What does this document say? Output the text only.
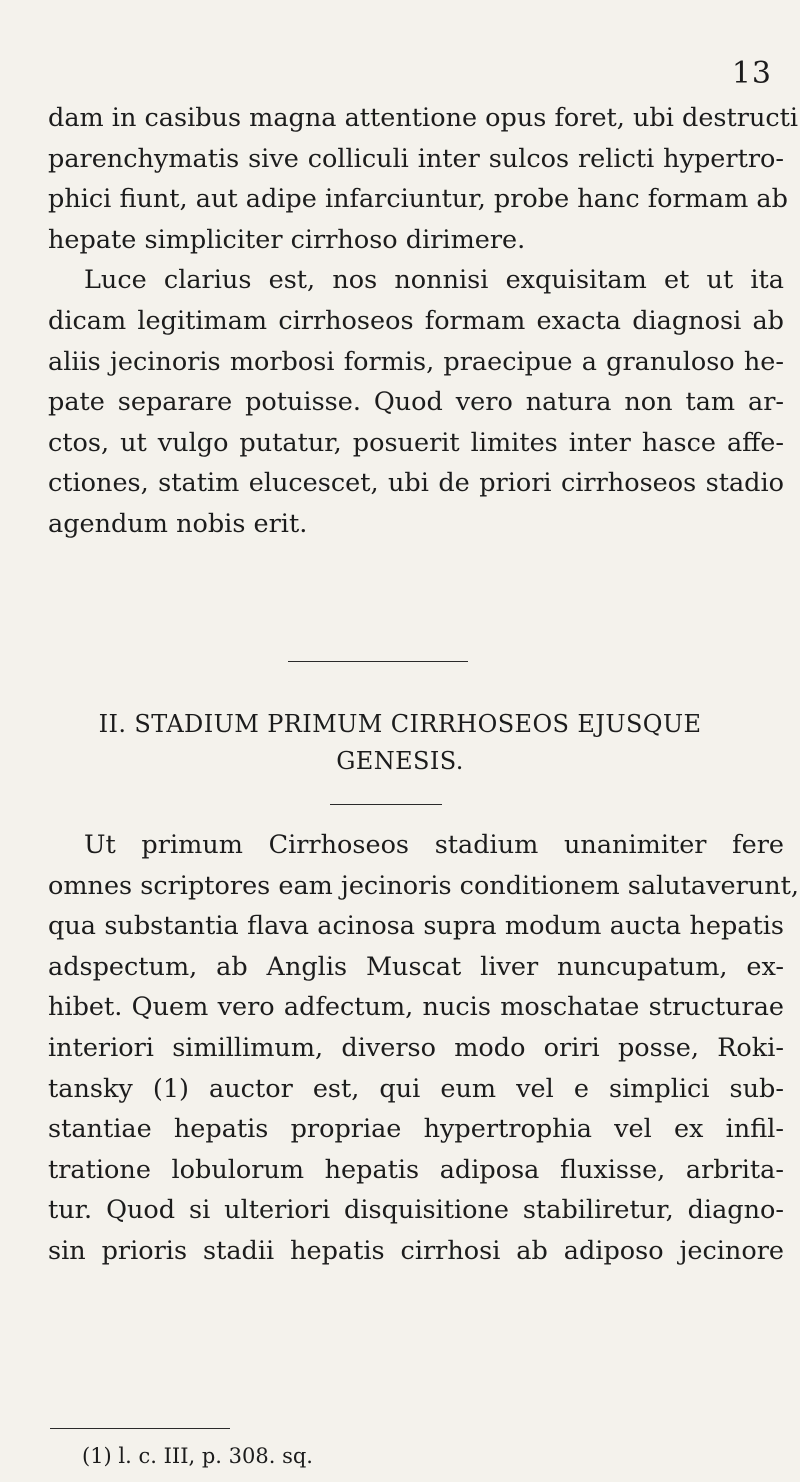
13
dam in casibus magna attentione opus foret, ubi destructi
parenchymatis sive colliculi inter sulcos relicti hypertro-
phici fiunt, aut adipe infarciuntur, probe hanc formam ab
hepate simpliciter cirrhoso dirimere.
Luce clarius est, nos nonnisi exquisitam et ut ita
dicam legitimam cirrhoseos formam exacta diagnosi ab
aliis jecinoris morbosi formis, praecipue a granuloso he-
pate separare potuisse. Quod vero natura non tam ar-
ctos, ut vulgo putatur, posuerit limites inter hasce affe-
ctiones, statim elucescet, ubi de priori cirrhoseos stadio
agendum nobis erit.
II. STADIUM PRIMUM CIRRHOSEOS EJUSQUE
GENESIS.
Ut primum Cirrhoseos stadium unanimiter fere
omnes scriptores eam jecinoris conditionem salutaverunt,
qua substantia flava acinosa supra modum aucta hepatis
adspectum, ab Anglis Muscat liver nuncupatum, ex-
hibet. Quem vero adfectum, nucis moschatae structurae
interiori simillimum, diverso modo oriri posse, Roki-
tansky (1) auctor est, qui eum vel e simplici sub-
stantiae hepatis propriae hypertrophia vel ex infil-
tratione lobulorum hepatis adiposa fluxisse, arbrita-
tur. Quod si ulteriori disquisitione stabiliretur, diagno-
sin prioris stadii hepatis cirrhosi ab adiposo jecinore
(1) l. c. III, p. 308. sq.
